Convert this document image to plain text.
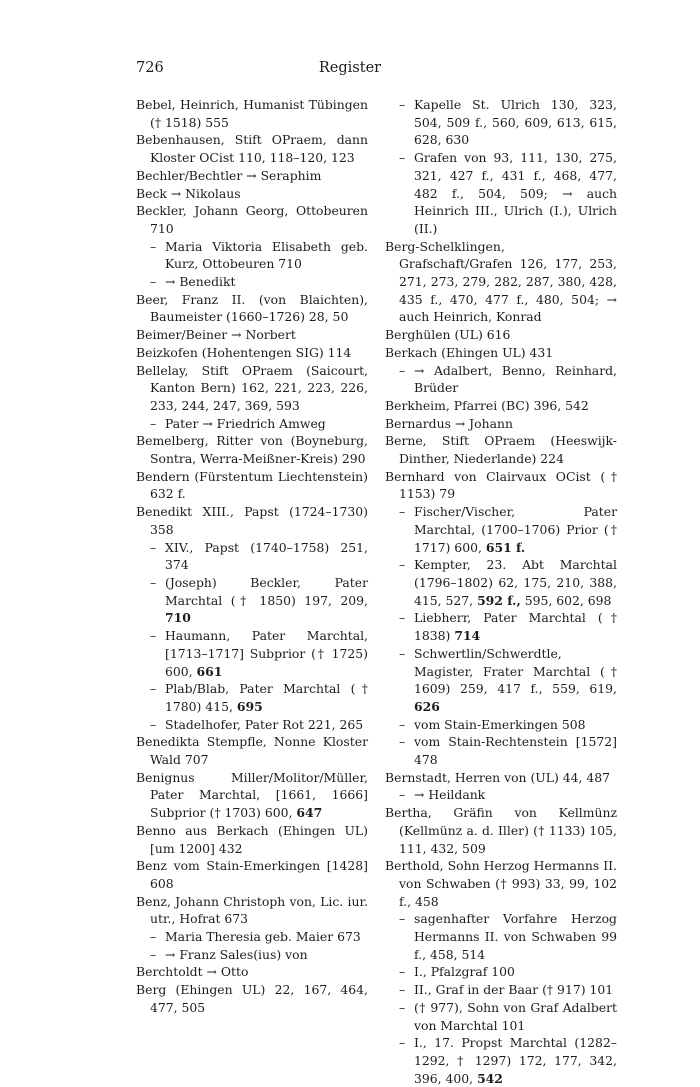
726	Register
Bebel, Heinrich, Humanist Tübingen († 1518) 555
Bebenhausen, Stift OPraem, dann Kloster OCist 110, 118–120, 123
Bechler/Bechtler → Seraphim
Beck → Nikolaus
Beckler, Johann Georg, Ottobeuren 710
– Maria Viktoria Elisabeth geb. Kurz, Ottobeuren 710
– → Benedikt
Beer, Franz II. (von Blaichten), Baumeister (1660–1726) 28, 50
Beimer/Beiner → Norbert
Beizkofen (Hohentengen SIG) 114
Bellelay, Stift OPraem (Saicourt, Kanton Bern) 162, 221, 223, 226, 233, 244, 247, 369, 593
– Pater → Friedrich Amweg
Bemelberg, Ritter von (Boyneburg, Sontra, Werra-Meißner-Kreis) 290
Bendern (Fürstentum Liechtenstein) 632 f.
Benedikt XIII., Papst (1724–1730) 358
– XIV., Papst (1740–1758) 251, 374
– (Joseph) Beckler, Pater Marchtal († 1850) 197, 209, 710
– Haumann, Pater Marchtal, [1713–1717] Subprior († 1725) 600, 661
– Plab/Blab, Pater Marchtal († 1780) 415, 695
– Stadelhofer, Pater Rot 221, 265
Benedikta Stempfle, Nonne Kloster Wald 707
Benignus Miller/Molitor/Müller, Pater Marchtal, [1661, 1666] Subprior († 1703) 600, 647
Benno aus Berkach (Ehingen UL) [um 1200] 432
Benz vom Stain-Emerkingen [1428] 608
Benz, Johann Christoph von, Lic. iur. utr., Hofrat 673
– Maria Theresia geb. Maier 673
– → Franz Sales(ius) von
Berchtoldt → Otto
Berg (Ehingen UL) 22, 167, 464, 477, 505
– Kapelle St. Ulrich 130, 323, 504, 509 f., 560, 609, 613, 615, 628, 630
– Grafen von 93, 111, 130, 275, 321, 427 f., 431 f., 468, 477, 482 f., 504, 509; → auch Heinrich III., Ulrich (I.), Ulrich (II.)
Berg-Schelklingen, Grafschaft/Grafen 126, 177, 253, 271, 273, 279, 282, 287, 380, 428, 435 f., 470, 477 f., 480, 504; → auch Heinrich, Konrad
Berghülen (UL) 616
Berkach (Ehingen UL) 431
– → Adalbert, Benno, Reinhard, Brüder
Berkheim, Pfarrei (BC) 396, 542
Bernardus → Johann
Berne, Stift OPraem (Heeswijk-Dinther, Niederlande) 224
Bernhard von Clairvaux OCist († 1153) 79
– Fischer/Vischer, Pater Marchtal, (1700–1706) Prior († 1717) 600, 651 f.
– Kempter, 23. Abt Marchtal (1796–1802) 62, 175, 210, 388, 415, 527, 592 f., 595, 602, 698
– Liebherr, Pater Marchtal († 1838) 714
– Schwertlin/Schwerdtle, Magister, Frater Marchtal († 1609) 259, 417 f., 559, 619, 626
– vom Stain-Emerkingen 508
– vom Stain-Rechtenstein [1572] 478
Bernstadt, Herren von (UL) 44, 487
– → Heildank
Bertha, Gräfin von Kellmünz (Kellmünz a. d. Iller) († 1133) 105, 111, 432, 509
Berthold, Sohn Herzog Hermanns II. von Schwaben († 993) 33, 99, 102 f., 458
– sagenhafter Vorfahre Herzog Hermanns II. von Schwaben 99 f., 458, 514
– I., Pfalzgraf 100
– II., Graf in der Baar († 917) 101
– († 977), Sohn von Graf Adalbert von Marchtal 101
– I., 17. Propst Marchtal (1282–1292, † 1297) 172, 177, 342, 396, 400, 542
